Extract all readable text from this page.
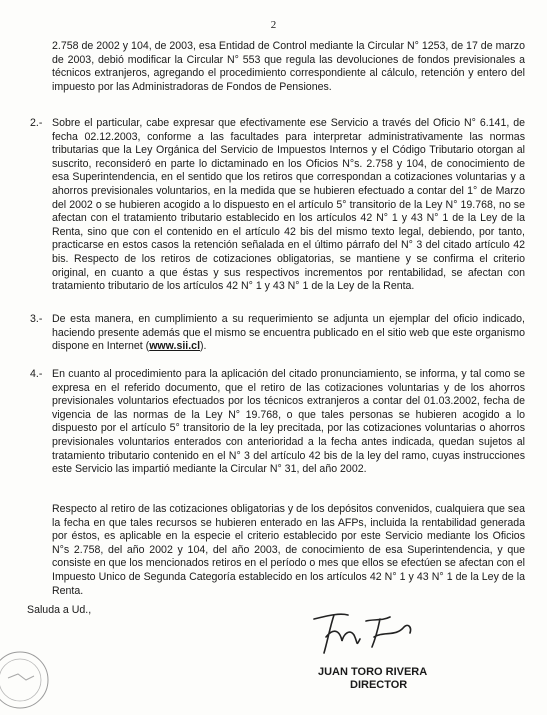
2

2.758 de 2002 y 104, de 2003, esa Entidad de Control mediante la Circular N° 1253, de 17 de marzo de 2003, debió modificar la Circular N° 553 que regula las devoluciones de fondos previsionales a técnicos extranjeros, agregando el procedimiento correspondiente al cálculo, retención y entero del impuesto por las Administradoras de Fondos de Pensiones.

2.- Sobre el particular, cabe expresar que efectivamente ese Servicio a través del Oficio N° 6.141, de fecha 02.12.2003, conforme a las facultades para interpretar administrativamente las normas tributarias que la Ley Orgánica del Servicio de Impuestos Internos y el Código Tributario otorgan al suscrito, reconsideró en parte lo dictaminado en los Oficios N°s. 2.758 y 104, de conocimiento de esa Superintendencia, en el sentido que los retiros que correspondan a cotizaciones voluntarias y a ahorros previsionales voluntarios, en la medida que se hubieren efectuado a contar del 1° de Marzo del 2002 o se hubieren acogido a lo dispuesto en el artículo 5° transitorio de la Ley N° 19.768, no se afectan con el tratamiento tributario establecido en los artículos 42 N° 1 y 43 N° 1 de la Ley de la Renta, sino que con el contenido en el artículo 42 bis del mismo texto legal, debiendo, por tanto, practicarse en estos casos la retención señalada en el último párrafo del N° 3 del citado artículo 42 bis. Respecto de los retiros de cotizaciones obligatorias, se mantiene y se confirma el criterio original, en cuanto a que éstas y sus respectivos incrementos por rentabilidad, se afectan con tratamiento tributario de los artículos 42 N° 1 y 43 N° 1 de la Ley de la Renta.

3.- De esta manera, en cumplimiento a su requerimiento se adjunta un ejemplar del oficio indicado, haciendo presente además que el mismo se encuentra publicado en el sitio web que este organismo dispone en Internet (www.sii.cl).

4.- En cuanto al procedimiento para la aplicación del citado pronunciamiento, se informa, y tal como se expresa en el referido documento, que el retiro de las cotizaciones voluntarias y de los ahorros previsionales voluntarios efectuados por los técnicos extranjeros a contar del 01.03.2002, fecha de vigencia de las normas de la Ley N° 19.768, o que tales personas se hubieren acogido a lo dispuesto por el artículo 5° transitorio de la ley precitada, por las cotizaciones voluntarias o ahorros previsionales voluntarios enterados con anterioridad a la fecha antes indicada, quedan sujetos al tratamiento tributario contenido en el N° 3 del artículo 42 bis de la ley del ramo, cuyas instrucciones este Servicio las impartió mediante la Circular N° 31, del año 2002.

Respecto al retiro de las cotizaciones obligatorias y de los depósitos convenidos, cualquiera que sea la fecha en que tales recursos se hubieren enterado en las AFPs, incluida la rentabilidad generada por éstos, es aplicable en la especie el criterio establecido por este Servicio mediante los Oficios N°s 2.758, del año 2002 y 104, del año 2003, de conocimiento de esa Superintendencia, y que consiste en que los mencionados retiros en el período o mes que ellos se efectúen se afectan con el Impuesto Unico de Segunda Categoría establecido en los artículos 42 N° 1 y 43 N° 1 de la Ley de la Renta.

Saluda a Ud.,
JUAN TORO RIVERA
DIRECTOR
